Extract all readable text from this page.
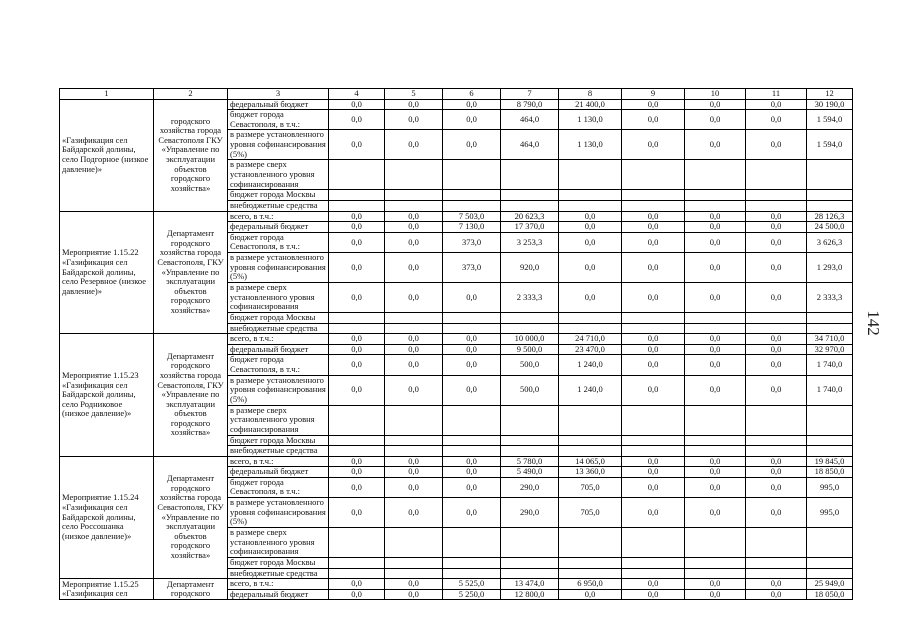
142
1	2	3	4	5	6	7	8	9	10	11	12
«Газификация сел Байдарской долины, село Подгорное (низкое давление)»	городского хозяйства города Севастополя ГКУ «Управление по эксплуатации объектов городского хозяйства»	федеральный бюджет	0,0	0,0	0,0	8 790,0	21 400,0	0,0	0,0	0,0	30 190,0
		бюджет города Севастополя, в т.ч.:	0,0	0,0	0,0	464,0	1 130,0	0,0	0,0	0,0	1 594,0
		в размере установленного уровня софинансирования (5%)	0,0	0,0	0,0	464,0	1 130,0	0,0	0,0	0,0	1 594,0
		в размере сверх установленного уровня софинансирования									
		бюджет города Москвы									
		внебюджетные средства									
Мероприятие 1.15.22 «Газификация сел Байдарской долины, село Резервное (низкое давление)»	Департамент городского хозяйства города Севастополя, ГКУ «Управление по эксплуатации объектов городского хозяйства»	всего, в т.ч.:	0,0	0,0	7 503,0	20 623,3	0,0	0,0	0,0	0,0	28 126,3
		федеральный бюджет	0,0	0,0	7 130,0	17 370,0	0,0	0,0	0,0	0,0	24 500,0
		бюджет города Севастополя, в т.ч.:	0,0	0,0	373,0	3 253,3	0,0	0,0	0,0	0,0	3 626,3
		в размере установленного уровня софинансирования (5%)	0,0	0,0	373,0	920,0	0,0	0,0	0,0	0,0	1 293,0
		в размере сверх установленного уровня софинансирования	0,0	0,0	0,0	2 333,3	0,0	0,0	0,0	0,0	2 333,3
		бюджет города Москвы									
		внебюджетные средства									
Мероприятие 1.15.23 «Газификация сел Байдарской долины, село Родниковое (низкое давление)»	Департамент городского хозяйства города Севастополя, ГКУ «Управление по эксплуатации объектов городского хозяйства»	всего, в т.ч.:	0,0	0,0	0,0	10 000,0	24 710,0	0,0	0,0	0,0	34 710,0
		федеральный бюджет	0,0	0,0	0,0	9 500,0	23 470,0	0,0	0,0	0,0	32 970,0
		бюджет города Севастополя, в т.ч.:	0,0	0,0	0,0	500,0	1 240,0	0,0	0,0	0,0	1 740,0
		в размере установленного уровня софинансирования (5%)	0,0	0,0	0,0	500,0	1 240,0	0,0	0,0	0,0	1 740,0
		в размере сверх установленного уровня софинансирования									
		бюджет города Москвы									
		внебюджетные средства									
Мероприятие 1.15.24 «Газификация сел Байдарской долины, село Россошанка (низкое давление)»	Департамент городского хозяйства города Севастополя, ГКУ «Управление по эксплуатации объектов городского хозяйства»	всего, в т.ч.:	0,0	0,0	0,0	5 780,0	14 065,0	0,0	0,0	0,0	19 845,0
		федеральный бюджет	0,0	0,0	0,0	5 490,0	13 360,0	0,0	0,0	0,0	18 850,0
		бюджет города Севастополя, в т.ч.:	0,0	0,0	0,0	290,0	705,0	0,0	0,0	0,0	995,0
		в размере установленного уровня софинансирования (5%)	0,0	0,0	0,0	290,0	705,0	0,0	0,0	0,0	995,0
		в размере сверх установленного уровня софинансирования									
		бюджет города Москвы									
		внебюджетные средства									
Мероприятие 1.15.25 «Газификация сел	Департамент городского	всего, в т.ч.:	0,0	0,0	5 525,0	13 474,0	6 950,0	0,0	0,0	0,0	25 949,0
		федеральный бюджет	0,0	0,0	5 250,0	12 800,0	0,0	0,0	0,0	0,0	18 050,0
